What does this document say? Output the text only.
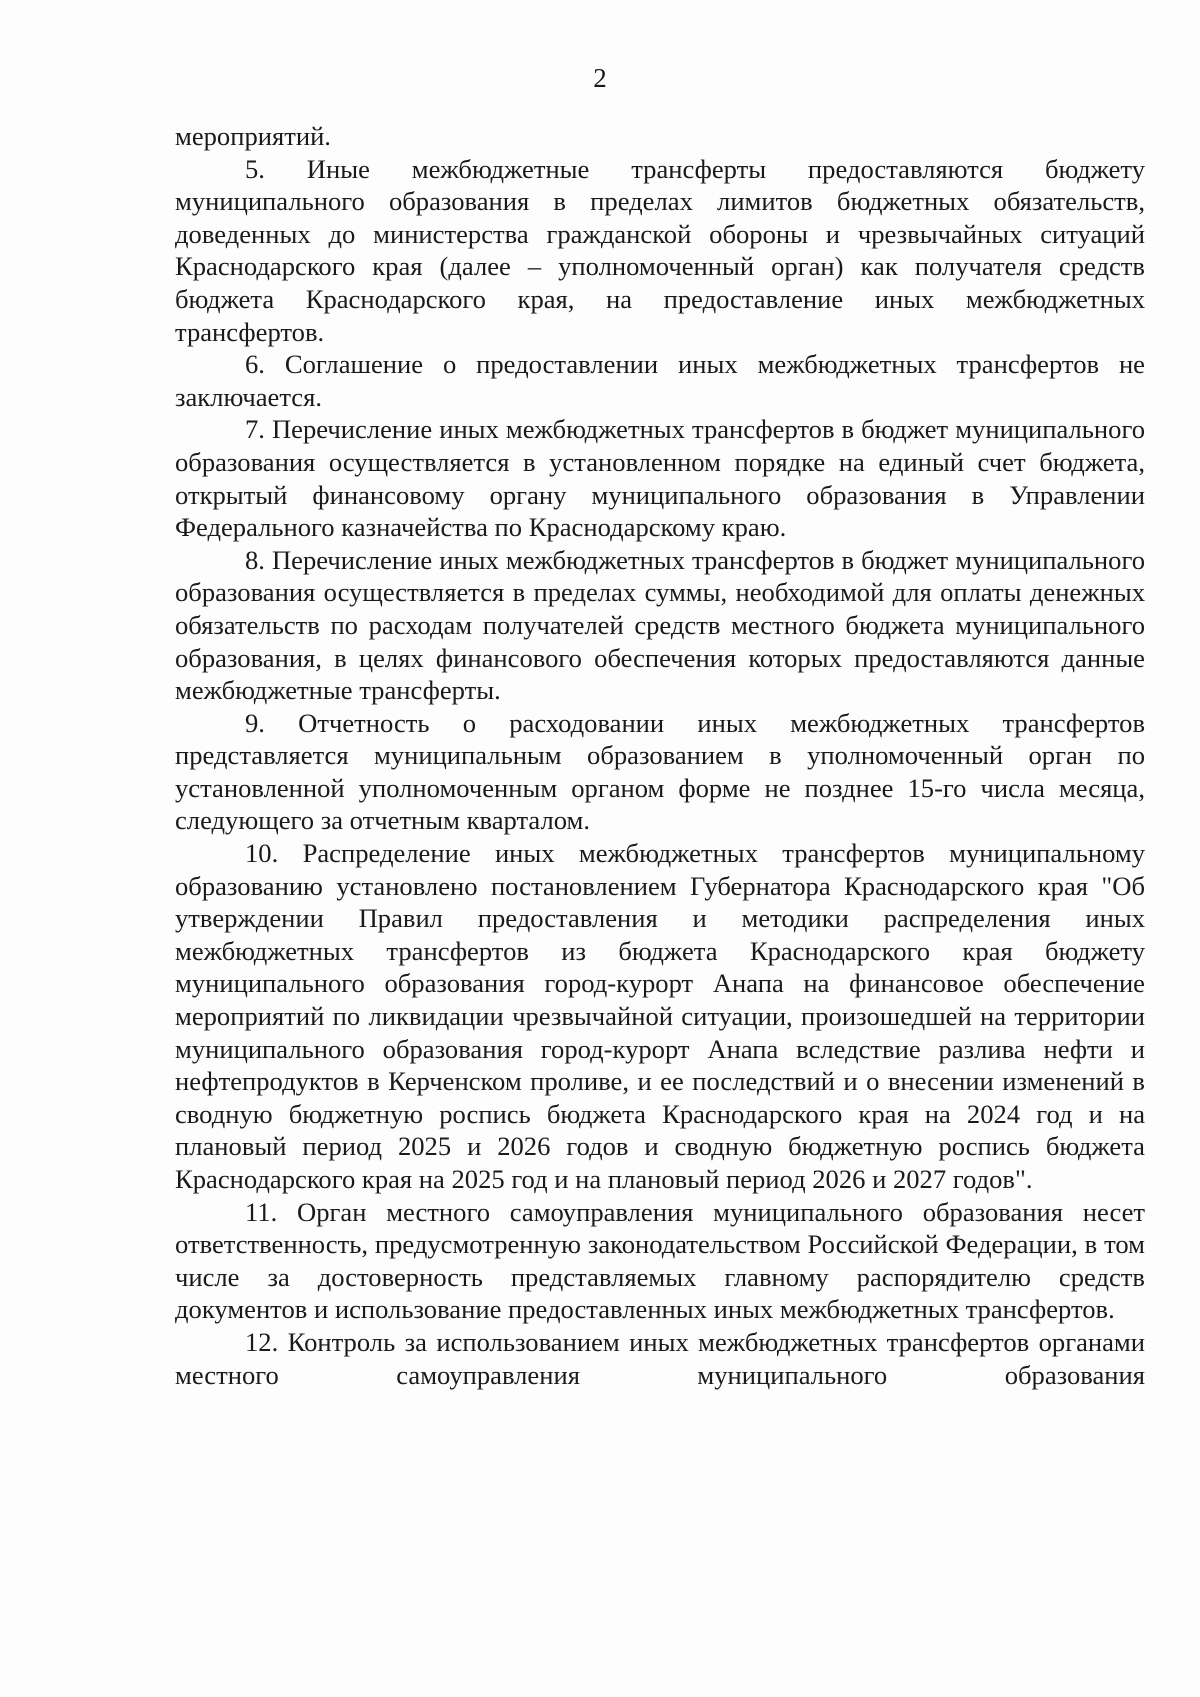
2

мероприятий.

5. Иные межбюджетные трансферты предоставляются бюджету муниципального образования в пределах лимитов бюджетных обязательств, доведенных до министерства гражданской обороны и чрезвычайных ситуаций Краснодарского края (далее – уполномоченный орган) как получателя средств бюджета Краснодарского края, на предоставление иных межбюджетных трансфертов.

6. Соглашение о предоставлении иных межбюджетных трансфертов не заключается.

7. Перечисление иных межбюджетных трансфертов в бюджет муниципального образования осуществляется в установленном порядке на единый счет бюджета, открытый финансовому органу муниципального образования в Управлении Федерального казначейства по Краснодарскому краю.

8. Перечисление иных межбюджетных трансфертов в бюджет муниципального образования осуществляется в пределах суммы, необходимой для оплаты денежных обязательств по расходам получателей средств местного бюджета муниципального образования, в целях финансового обеспечения которых предоставляются данные межбюджетные трансферты.

9. Отчетность о расходовании иных межбюджетных трансфертов представляется муниципальным образованием в уполномоченный орган по установленной уполномоченным органом форме не позднее 15-го числа месяца, следующего за отчетным кварталом.

10. Распределение иных межбюджетных трансфертов муниципальному образованию установлено постановлением Губернатора Краснодарского края "Об утверждении Правил предоставления и методики распределения иных межбюджетных трансфертов из бюджета Краснодарского края бюджету муниципального образования город-курорт Анапа на финансовое обеспечение мероприятий по ликвидации чрезвычайной ситуации, произошедшей на территории муниципального образования город-курорт Анапа вследствие разлива нефти и нефтепродуктов в Керченском проливе, и ее последствий и о внесении изменений в сводную бюджетную роспись бюджета Краснодарского края на 2024 год и на плановый период 2025 и 2026 годов и сводную бюджетную роспись бюджета Краснодарского края на 2025 год и на плановый период 2026 и 2027 годов".

11. Орган местного самоуправления муниципального образования несет ответственность, предусмотренную законодательством Российской Федерации, в том числе за достоверность представляемых главному распорядителю средств документов и использование предоставленных иных межбюджетных трансфертов.

12. Контроль за использованием иных межбюджетных трансфертов органами местного самоуправления муниципального образования
